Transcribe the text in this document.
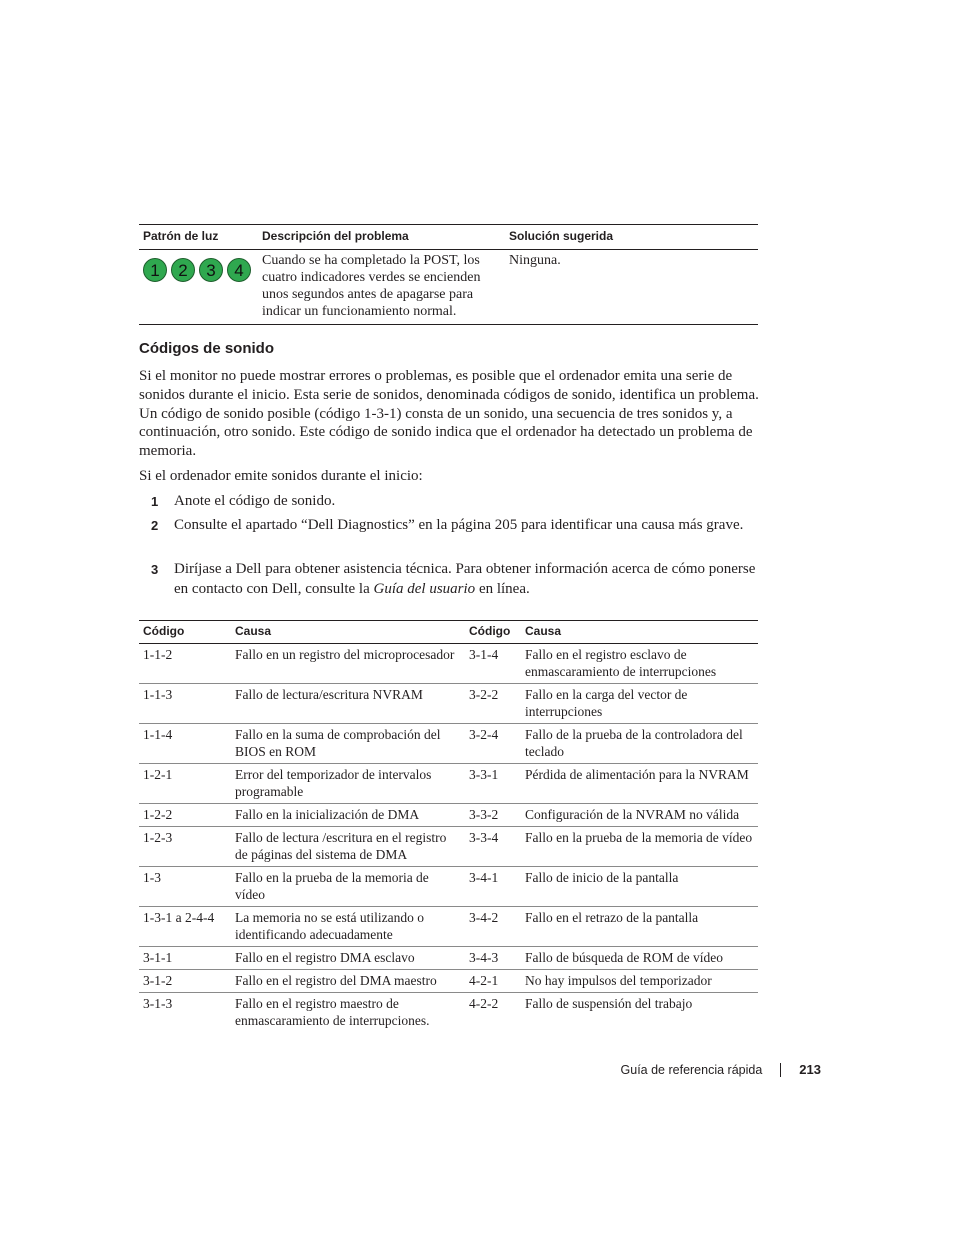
Patrón de luz	Descripción del problema	Solución sugerida

1 2 3 4	Cuando se ha completado la POST, los cuatro indicadores verdes se encienden unos segundos antes de apagarse para indicar un funcionamiento normal.	Ninguna.
Códigos de sonido

Si el monitor no puede mostrar errores o problemas, es posible que el ordenador emita una serie de sonidos durante el inicio. Esta serie de sonidos, denominada códigos de sonido, identifica un problema. Un código de sonido posible (código 1-3-1) consta de un sonido, una secuencia de tres sonidos y, a continuación, otro sonido. Este código de sonido indica que el ordenador ha detectado un problema de memoria.

Si el ordenador emite sonidos durante el inicio:

1 Anote el código de sonido.
2 Consulte el apartado “Dell Diagnostics” en la página 205 para identificar una causa más grave.
3 Diríjase a Dell para obtener asistencia técnica. Para obtener información acerca de cómo ponerse en contacto con Dell, consulte la Guía del usuario en línea.
Código	Causa	Código	Causa
1-1-2	Fallo en un registro del microprocesador	3-1-4	Fallo en el registro esclavo de enmascaramiento de interrupciones
1-1-3	Fallo de lectura/escritura NVRAM	3-2-2	Fallo en la carga del vector de interrupciones
1-1-4	Fallo en la suma de comprobación del BIOS en ROM	3-2-4	Fallo de la prueba de la controladora del teclado
1-2-1	Error del temporizador de intervalos programable	3-3-1	Pérdida de alimentación para la NVRAM
1-2-2	Fallo en la inicialización de DMA	3-3-2	Configuración de la NVRAM no válida
1-2-3	Fallo de lectura /escritura en el registro de páginas del sistema de DMA	3-3-4	Fallo en la prueba de la memoria de vídeo
1-3	Fallo en la prueba de la memoria de vídeo	3-4-1	Fallo de inicio de la pantalla
1-3-1 a 2-4-4	La memoria no se está utilizando o identificando adecuadamente	3-4-2	Fallo en el retrazo de la pantalla
3-1-1	Fallo en el registro DMA esclavo	3-4-3	Fallo de búsqueda de ROM de vídeo
3-1-2	Fallo en el registro del DMA maestro	4-2-1	No hay impulsos del temporizador
3-1-3	Fallo en el registro maestro de enmascaramiento de interrupciones.	4-2-2	Fallo de suspensión del trabajo
Guía de referencia rápida	213
